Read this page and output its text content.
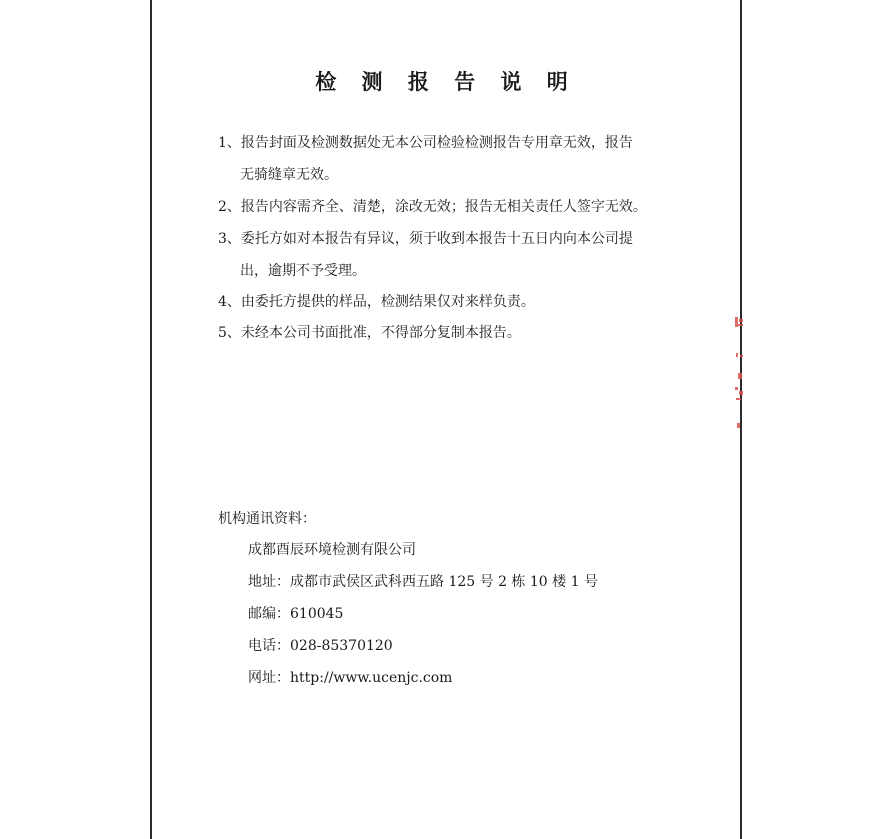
检 测 报 告 说 明
1、报告封面及检测数据处无本公司检验检测报告专用章无效，报告
无骑缝章无效。
2、报告内容需齐全、清楚，涂改无效；报告无相关责任人签字无效。
3、委托方如对本报告有异议，须于收到本报告十五日内向本公司提
出，逾期不予受理。
4、由委托方提供的样品，检测结果仅对来样负责。
5、未经本公司书面批准，不得部分复制本报告。
机构通讯资料：
成都酉辰环境检测有限公司
地址：成都市武侯区武科西五路 125 号 2 栋 10 楼 1 号
邮编：610045
电话：028-85370120
网址：http://www.ucenjc.com
